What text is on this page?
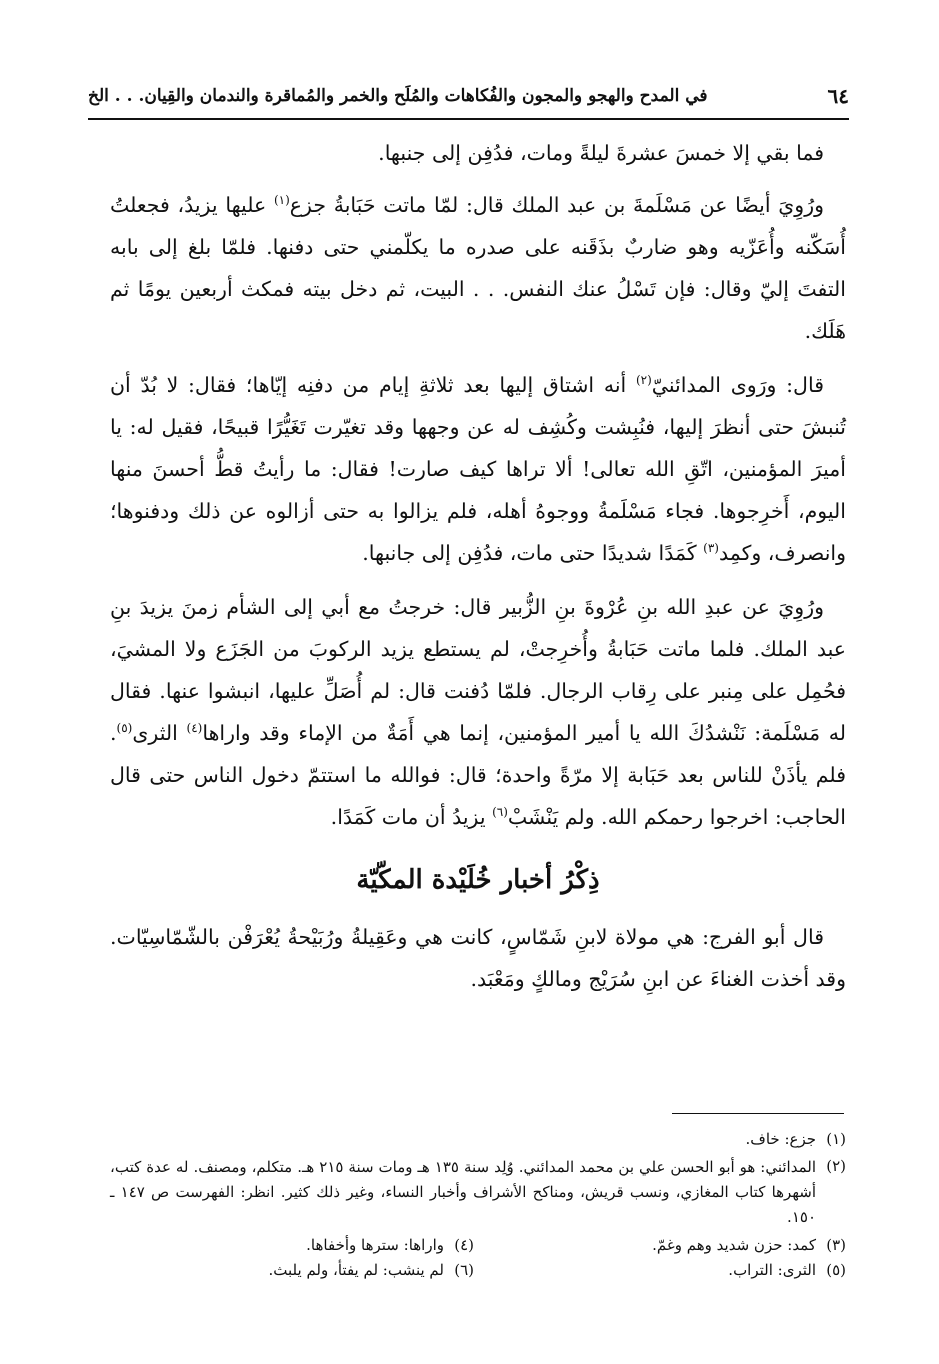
٦٤
في المدح والهجو والمجون والفُكاهات والمُلَح والخمر والمُماقرة والندمان والقِيان. . . الخ

فما بقي إلا خمسَ عشرةَ ليلةً ومات، فدُفِن إلى جنبها.

ورُوِيَ أيضًا عن مَسْلَمةَ بن عبد الملك قال: لمّا ماتت حَبَابةُ جزع$^{(١)}$ عليها يزيدُ، فجعلتُ أُسَكّنه وأُعَزّيه وهو ضاربٌ بذَقَنه على صدره ما يكلّمني حتى دفنها. فلمّا بلغ إلى بابه التفتَ إليّ وقال: فإن تَسْلُ عنك النفس. . . البيت، ثم دخل بيته فمكث أربعين يومًا ثم هَلَك.

قال: ورَوى المدائنيّ$^{(٢)}$ أنه اشتاق إليها بعد ثلاثةِ إيام من دفنِه إيّاها؛ فقال: لا بُدّ أن تُنبشَ حتى أنظرَ إليها، فنُبِشت وكُشِف له عن وجهها وقد تغيّرت تَغَيُّرًا قبيحًا، فقيل له: يا أميرَ المؤمنين، اتّقِ الله تعالى! ألا تراها كيف صارت! فقال: ما رأيتُ قطُّ أحسنَ منها اليوم، أَخرِجوها. فجاء مَسْلَمةُ ووجوهُ أهله، فلم يزالوا به حتى أزالوه عن ذلك ودفنوها؛ وانصرف، وكمِد$^{(٣)}$ كَمَدًا شديدًا حتى مات، فدُفِن إلى جانبها.

ورُوِيَ عن عبدِ الله بنِ عُرْوةَ بنِ الزُّبير قال: خرجتُ مع أبي إلى الشأم زمنَ يزيدَ بنِ عبد الملك. فلما ماتت حَبَابةُ وأُخرِجتْ، لم يستطع يزيد الركوبَ من الجَزَع ولا المشيَ، فحُمِل على مِنبر على رِقاب الرجال. فلمّا دُفنت قال: لم أُصَلِّ عليها، انبشوا عنها. فقال له مَسْلَمة: نَنْشدُكَ الله يا أمير المؤمنين، إنما هي أَمَةٌ من الإماء وقد واراها$^{(٤)}$ الثرى$^{(٥)}$. فلم يأذَنْ للناس بعد حَبَابة إلا مرّةً واحدة؛ قال: فوالله ما استتمّ دخول الناس حتى قال الحاجب: اخرجوا رحمكم الله. ولم يَنْشَبْ$^{(٦)}$ يزيدُ أن مات كَمَدًا.

ذِكْرُ أخبار خُلَيْدة المكّيّة

قال أبو الفرج: هي مولاة لابنِ شَمّاسٍ، كانت هي وعَقِيلةُ ورُبَيْحةُ يُعْرَفْن بالشّمّاسِيّات. وقد أخذت الغناءَ عن ابنِ سُرَيْج ومالكٍ ومَعْبَد.

(١)جزع: خاف.
(٢)
المدائني: هو أبو الحسن علي بن محمد المدائني. وُلِد سنة ١٣٥ هـ ومات سنة ٢١٥ هـ. متكلم، ومصنف. له عدة كتب، أشهرها كتاب المغازي، ونسب قريش، ومناكح الأشراف وأخبار النساء، وغير ذلك كثير. انظر: الفهرست ص ١٤٧ ـ ١٥٠.
(٣)كمد: حزن شديد وهم وغمّ.
(٤)واراها: سترها وأخفاها.
(٥)الثرى: التراب.
(٦)لم ينشب: لم يفتأ، ولم يلبث.
